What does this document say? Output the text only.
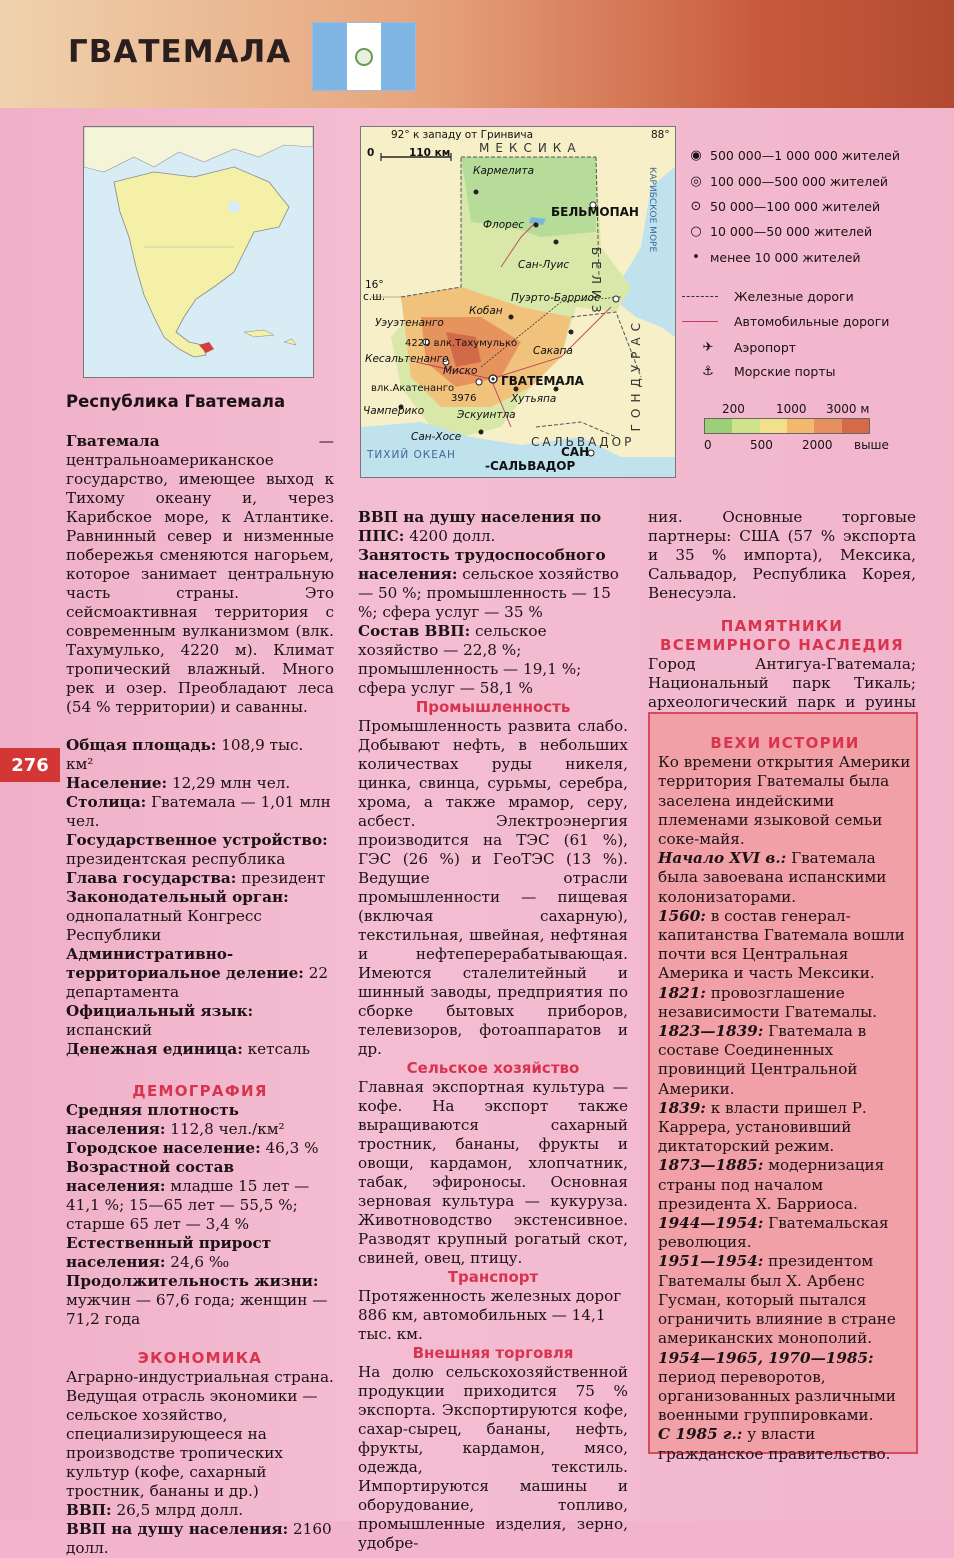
ГВАТЕМАЛА
276
92° к западу от Гринвича	88°
0	110 км
16°
с.ш.
МЕКСИКА
БЕЛИЗ
ГОНДУРАС
САЛЬВАДОР
ТИХИЙ ОКЕАН
КАРИБСКОЕ МОРЕ
Кармелита
Флорес
БЕЛЬМОПАН
Сан-Луис
Кобан
Пуэрто-Барриос
Уэуэтенанго
4220 влк.Тахумулько
Кесальтенанго
Миско
Сакапа
ГВАТЕМАЛА
влк.Акатенанго
3976
Чамперико
Хутьяпа
Эскуинтла
Сан-Хосе
САН
-САЛЬВАДОР
◉ 500 000—1 000 000 жителей
◎ 100 000—500 000 жителей
⊙ 50 000—100 000 жителей
○ 10 000—50 000 жителей
• менее 10 000 жителей
Железные дороги
Автомобильные дороги
✈	Аэропорт
⚓	Морские порты
200	1000 3000 м
0	500 2000 выше
Республика Гватемала

Гватемала — центральноамериканское государство, имеющее выход к Тихому океану и, через Карибское море, к Атлантике. Равнинный север и низменные побережья сменяются нагорьем, которое занимает центральную часть страны. Это сейсмоактивная территория с современным вулканизмом (влк. Тахумулько, 4220 м). Климат тропический влажный. Много рек и озер. Преобладают леса (54 % территории) и саванны.

Общая площадь: 108,9 тыс. км²

Население: 12,29 млн чел.

Столица: Гватемала — 1,01 млн чел.

Государственное устройство: президентская республика

Глава государства: президент

Законодательный орган: однопалатный Конгресс Республики

Административно-территориальное деление: 22 департамента

Официальный язык: испанский

Денежная единица: кетсаль

ДЕМОГРАФИЯ

Средняя плотность населения: 112,8 чел./км²

Городское население: 46,3 %

Возрастной состав населения: младше 15 лет — 41,1 %; 15—65 лет — 55,5 %; старше 65 лет — 3,4 %

Естественный прирост населения: 24,6 ‰

Продолжительность жизни: мужчин — 67,6 года; женщин — 71,2 года

ЭКОНОМИКА

Аграрно-индустриальная страна. Ведущая отрасль экономики — сельское хозяйство, специализирующееся на производстве тропических культур (кофе, сахарный тростник, бананы и др.)

ВВП: 26,5 млрд долл.

ВВП на душу населения: 2160 долл.

ВВП на душу населения по ППС: 4200 долл.

Занятость трудоспособного населения: сельское хозяйство — 50 %; промышленность — 15 %; сфера услуг — 35 %

Состав ВВП: сельское хозяйство — 22,8 %; промышленность — 19,1 %; сфера услуг — 58,1 %

Промышленность

Промышленность развита слабо. Добывают нефть, в небольших количествах руды никеля, цинка, свинца, сурьмы, серебра, хрома, а также мрамор, серу, асбест. Электроэнергия производится на ТЭС (61 %), ГЭС (26 %) и ГеоТЭС (13 %). Ведущие отрасли промышленности — пищевая (включая сахарную), текстильная, швейная, нефтяная и нефтеперерабатывающая. Имеются сталелитейный и шинный заводы, предприятия по сборке бытовых приборов, телевизоров, фотоаппаратов и др.

Сельское хозяйство

Главная экспортная культура — кофе. На экспорт также выращиваются сахарный тростник, бананы, фрукты и овощи, кардамон, хлопчатник, табак, эфироносы. Основная зерновая культура — кукуруза. Животноводство экстенсивное. Разводят крупный рогатый скот, свиней, овец, птицу.

Транспорт

Протяженность железных дорог 886 км, автомобильных — 14,1 тыс. км.

Внешняя торговля

На долю сельскохозяйственной продукции приходится 75 % экспорта. Экспортируются кофе, сахар-сырец, бананы, нефть, фрукты, кардамон, мясо, одежда, текстиль. Импортируются машины и оборудование, топливо, промышленные изделия, зерно, удобре-

ния. Основные торговые партнеры: США (57 % экспорта и 35 % импорта), Мексика, Сальвадор, Республика Корея, Венесуэла.

ПАМЯТНИКИ

ВСЕМИРНОГО НАСЛЕДИЯ

Город Антигуа-Гватемала; Национальный парк Тикаль; археологический парк и руины

ВЕХИ ИСТОРИИ

Ко времени открытия Америки территория Гватемалы была заселена индейскими племенами языковой семьи соке-майя.

Начало XVI в.: Гватемала была завоевана испанскими колонизаторами.

1560: в состав генерал-капитанства Гватемала вошли почти вся Центральная Америка и часть Мексики.

1821: провозглашение независимости Гватемалы.

1823—1839: Гватемала в составе Соединенных провинций Центральной Америки.

1839: к власти пришел Р. Каррера, установивший диктаторский режим.

1873—1885: модернизация страны под началом президента Х. Барриоса.

1944—1954: Гватемальская революция.

1951—1954: президентом Гватемалы был Х. Арбенс Гусман, который пытался ограничить влияние в стране американских монополий.

1954—1965, 1970—1985: период переворотов, организованных различными военными группировками.

С 1985 г.: у власти гражданское правительство.
